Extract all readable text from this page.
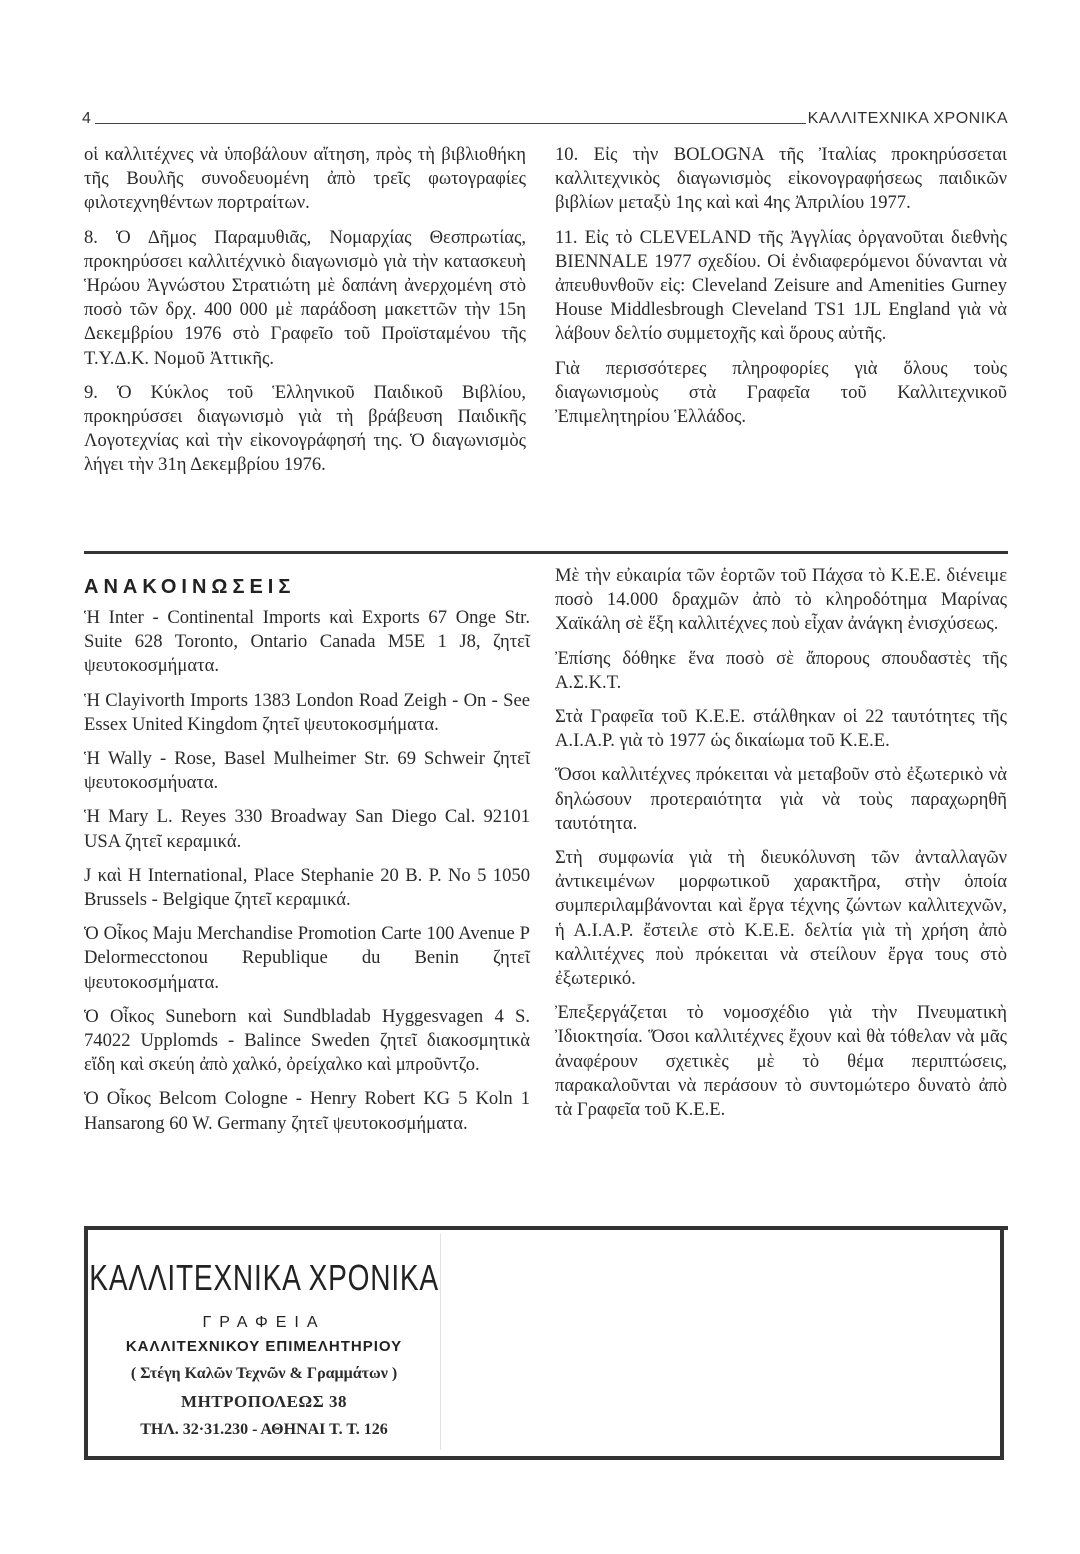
4	ΚΑΛΛΙΤΕΧΝΙΚΑ ΧΡΟΝΙΚΑ

οἱ καλλιτέχνες νὰ ὑποβάλουν αἴτηση, πρὸς τὴ βιβλιοθήκη τῆς Βουλῆς συνοδευομένη ἀπὸ τρεῖς φωτογραφίες φιλοτεχνηθέντων πορτραίτων.

8. Ὁ Δῆμος Παραμυθιᾶς, Νομαρχίας Θεσπρωτίας, προκηρύσσει καλλιτέχνικὸ διαγωνισμὸ γιὰ τὴν κατασκευὴ Ἡρώου Ἀγνώστου Στρατιώτη μὲ δαπάνη ἀνερχομένη στὸ ποσὸ τῶν δρχ. 400 000 μὲ παράδοση μακεττῶν τὴν 15η Δεκεμβρίου 1976 στὸ Γραφεῖο τοῦ Προϊσταμένου τῆς Τ.Υ.Δ.Κ. Νομοῦ Ἀττικῆς.

9. Ὁ Κύκλος τοῦ Ἑλληνικοῦ Παιδικοῦ Βιβλίου, προκηρύσσει διαγωνισμὸ γιὰ τὴ βράβευση Παιδικῆς Λογοτεχνίας καὶ τὴν εἰκονογράφησή της. Ὁ διαγωνισμὸς λήγει τὴν 31η Δεκεμβρίου 1976.

10. Εἰς τὴν BOLOGNA τῆς Ἰταλίας προκηρύσσεται καλλιτεχνικὸς διαγωνισμὸς εἰκονογραφήσεως παιδικῶν βιβλίων μεταξὺ 1ης καὶ καὶ 4ης Ἀπριλίου 1977.

11. Εἰς τὸ CLEVELAND τῆς Ἀγγλίας ὀργανοῦται διεθνὴς BIENNALE 1977 σχεδίου. Οἱ ἐνδιαφερόμενοι δύνανται νὰ ἀπευθυνθοῦν εἰς: Cleveland Zeisure and Amenities Gurney House Middlesbrough Cleveland TS1 1JL England γιὰ νὰ λάβουν δελτίο συμμετοχῆς καὶ ὅρους αὐτῆς.

Γιὰ περισσότερες πληροφορίες γιὰ ὅλους τοὺς διαγωνισμοὺς στὰ Γραφεῖα τοῦ Καλλιτεχνικοῦ Ἐπιμελητηρίου Ἑλλάδος.

ΑΝΑΚΟΙΝΩΣΕΙΣ

Ἡ Inter - Continental Imports καὶ Exports 67 Onge Str. Suite 628 Toronto, Ontario Canada M5E 1 J8, ζητεῖ ψευτοκοσμήματα.

Ἡ Clayivorth Imports 1383 London Road Zeigh - On - See Essex United Kingdom ζητεῖ ψευτοκοσμήματα.

Ἡ Wally - Rose, Basel Mulheimer Str. 69 Schweir ζητεῖ ψευτοκοσμήυατα.

Ἡ Mary L. Reyes 330 Broadway San Diego Cal. 92101 USA ζητεῖ κεραμικά.

J καὶ H International, Place Stephanie 20 B. P. No 5 1050 Brussels - Belgique ζητεῖ κεραμικά.

Ὁ Οἶκος Maju Merchandise Promotion Carte 100 Avenue P Delormecctonou Republique du Benin ζητεῖ ψευτοκοσμήματα.

Ὁ Οἶκος Suneborn καὶ Sundbladab Hyggesvagen 4 S. 74022 Upplomds - Balince Sweden ζητεῖ διακοσμητικὰ εἴδη καὶ σκεύη ἀπὸ χαλκό, ὀρείχαλκο καὶ μπροῦντζο.

Ὁ Οἶκος Belcom Cologne - Henry Robert KG 5 Koln 1 Hansarong 60 W. Germany ζητεῖ ψευτοκοσμήματα.

Μὲ τὴν εὐκαιρία τῶν ἑορτῶν τοῦ Πάχσα τὸ Κ.Ε.Ε. διένειμε ποσὸ 14.000 δραχμῶν ἀπὸ τὸ κληροδότημα Μαρίνας Χαϊκάλη σὲ ἕξη καλλιτέχνες ποὺ εἶχαν ἀνάγκη ἐνισχύσεως.

Ἐπίσης δόθηκε ἕνα ποσὸ σὲ ἄπορους σπουδαστὲς τῆς Α.Σ.Κ.Τ.

Στὰ Γραφεῖα τοῦ Κ.Ε.Ε. στάλθηκαν οἱ 22 ταυτότητες τῆς Α.Ι.Α.Ρ. γιὰ τὸ 1977 ὡς δικαίωμα τοῦ Κ.Ε.Ε.

Ὅσοι καλλιτέχνες πρόκειται νὰ μεταβοῦν στὸ ἐξωτερικὸ νὰ δηλώσουν προτεραιότητα γιὰ νὰ τοὺς παραχωρηθῆ ταυτότητα.

Στὴ συμφωνία γιὰ τὴ διευκόλυνση τῶν ἀνταλλαγῶν ἀντικειμένων μορφωτικοῦ χαρακτῆρα, στὴν ὁποία συμπεριλαμβάνονται καὶ ἔργα τέχνης ζώντων καλλιτεχνῶν, ἡ Α.Ι.Α.Ρ. ἔστειλε στὸ Κ.Ε.Ε. δελτία γιὰ τὴ χρήση ἀπὸ καλλιτέχνες ποὺ πρόκειται νὰ στείλουν ἔργα τους στὸ ἐξωτερικό.

Ἐπεξεργάζεται τὸ νομοσχέδιο γιὰ τὴν Πνευματικὴ Ἰδιοκτησία. Ὅσοι καλλιτέχνες ἔχουν καὶ θὰ τόθελαν νὰ μᾶς ἀναφέρουν σχετικὲς μὲ τὸ θέμα περιπτώσεις, παρακαλοῦνται νὰ περάσουν τὸ συντομώτερο δυνατὸ ἀπὸ τὰ Γραφεῖα τοῦ Κ.Ε.Ε.

ΚΑΛΛΙΤΕΧΝΙΚΑ ΧΡΟΝΙΚΑ
ΓΡΑΦΕΙΑ
ΚΑΛΛΙΤΕΧΝΙΚΟΥ ΕΠΙΜΕΛΗΤΗΡΙΟΥ
( Στέγη Καλῶν Τεχνῶν & Γραμμάτων )
ΜΗΤΡΟΠΟΛΕΩΣ 38
ΤΗΛ. 32·31.230 - ΑΘΗΝΑΙ Τ. Τ. 126
